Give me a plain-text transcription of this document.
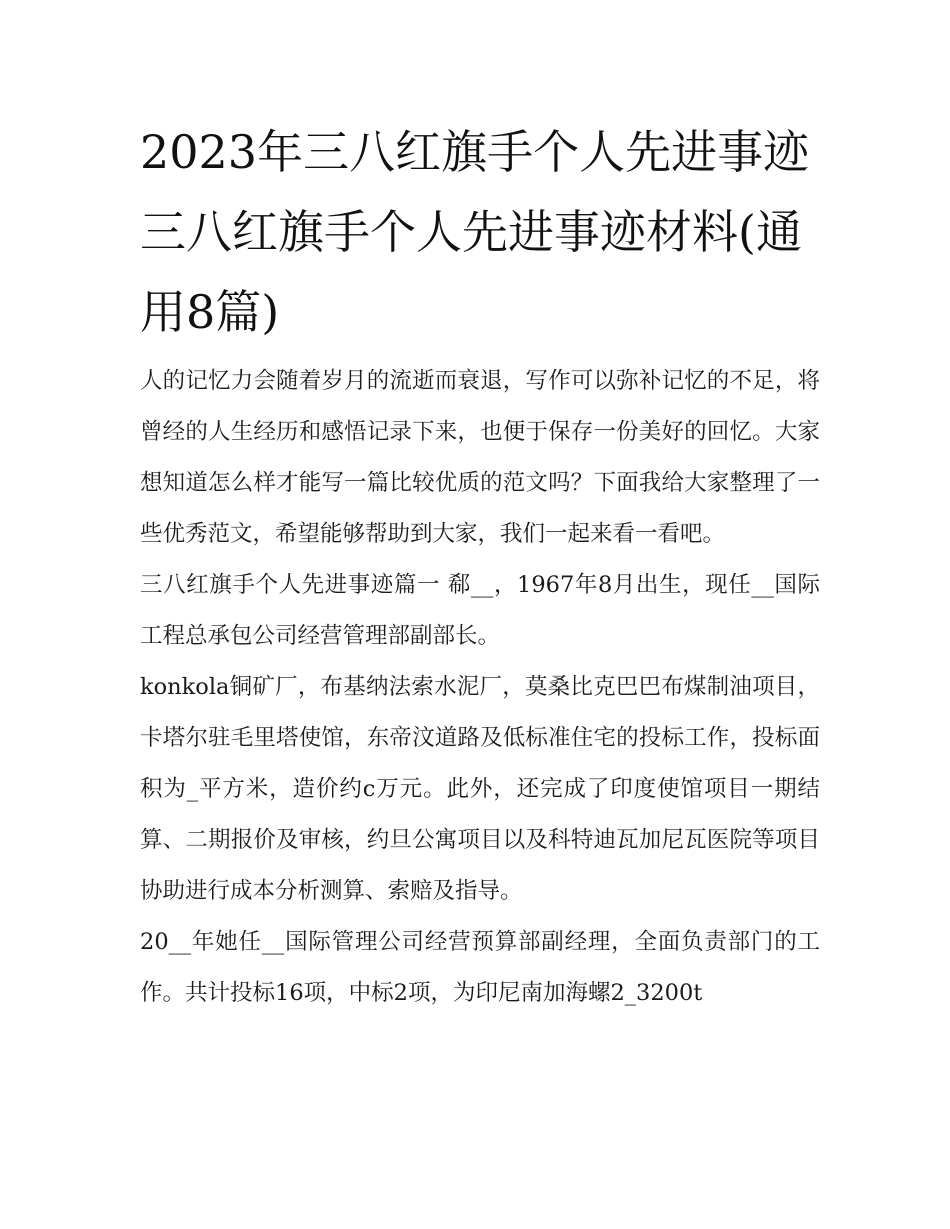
2023年三八红旗手个人先进事迹 三八红旗手个人先进事迹材料(通用8篇)

人的记忆力会随着岁月的流逝而衰退，写作可以弥补记忆的不足，将曾经的人生经历和感悟记录下来，也便于保存一份美好的回忆。大家想知道怎么样才能写一篇比较优质的范文吗？下面我给大家整理了一些优秀范文，希望能够帮助到大家，我们一起来看一看吧。

三八红旗手个人先进事迹篇一 郗__，1967年8月出生，现任__国际工程总承包公司经营管理部副部长。

konkola铜矿厂，布基纳法索水泥厂，莫桑比克巴巴布煤制油项目，卡塔尔驻毛里塔使馆，东帝汶道路及低标准住宅的投标工作，投标面积为_平方米，造价约c万元。此外，还完成了印度使馆项目一期结算、二期报价及审核，约旦公寓项目以及科特迪瓦加尼瓦医院等项目协助进行成本分析测算、索赔及指导。

20__年她任__国际管理公司经营预算部副经理，全面负责部门的工作。共计投标16项，中标2项，为印尼南加海螺2_3200t
